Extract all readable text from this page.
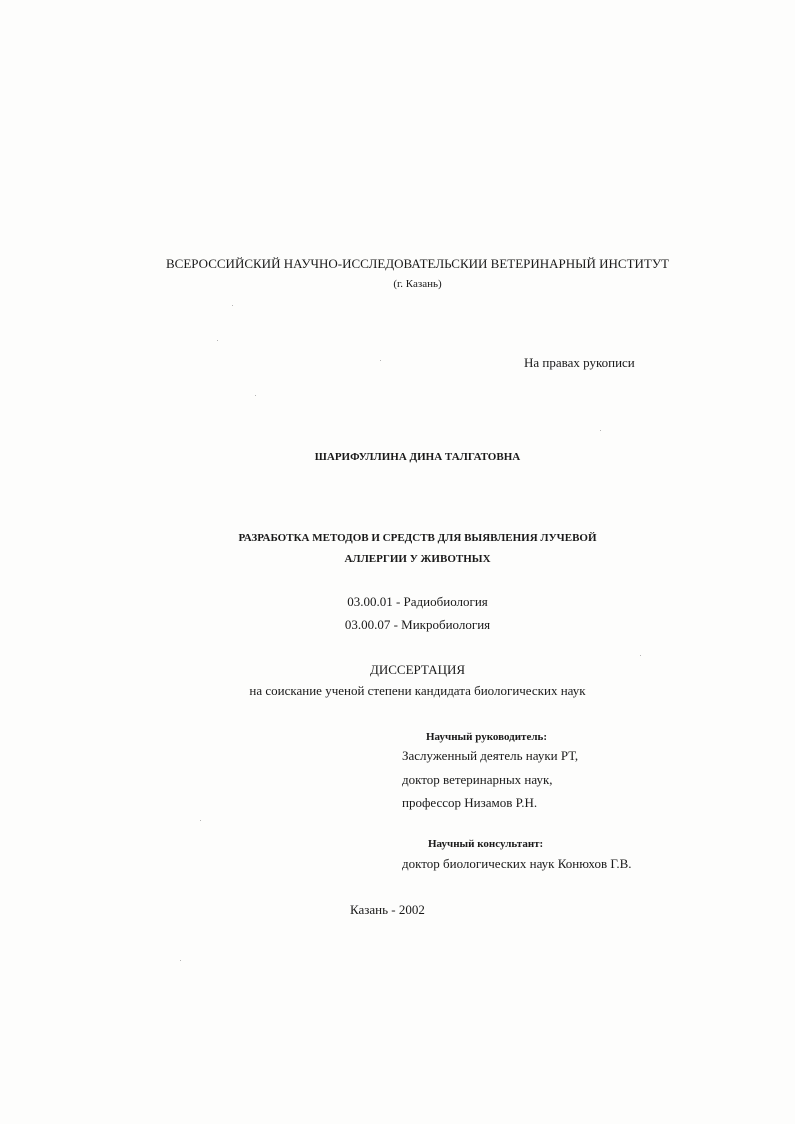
ВСЕРОССИЙСКИЙ НАУЧНО-ИССЛЕДОВАТЕЛЬСКИИ ВЕТЕРИНАРНЫЙ ИНСТИТУТ
(г. Казань)
На правах рукописи
ШАРИФУЛЛИНА ДИНА ТАЛГАТОВНА
РАЗРАБОТКА МЕТОДОВ И СРЕДСТВ ДЛЯ ВЫЯВЛЕНИЯ ЛУЧЕВОЙ
АЛЛЕРГИИ У ЖИВОТНЫХ
03.00.01 - Радиобиология
03.00.07 - Микробиология
ДИССЕРТАЦИЯ
на соискание ученой степени кандидата биологических наук
Научный руководитель:
Заслуженный деятель науки РТ,
доктор ветеринарных наук,
профессор Низамов Р.Н.
Научный консультант:
доктор биологических наук Конюхов Г.В.
Казань - 2002
